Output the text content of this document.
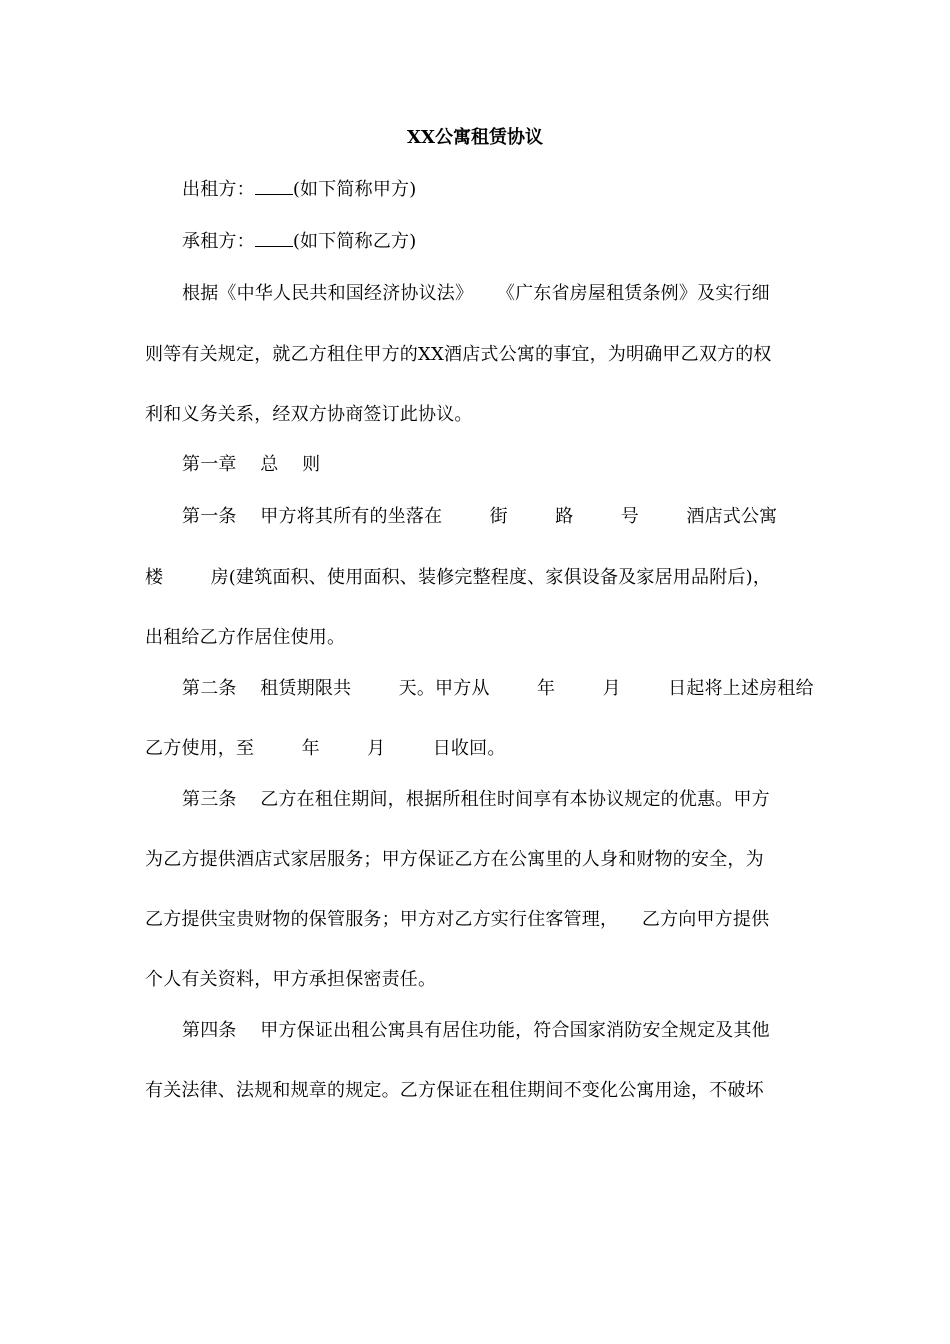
XX公寓租赁协议
出租方： (如下简称甲方)
承租方： (如下简称乙方)
根据《中华人民共和国经济协议法》    《广东省房屋租赁条例》及实行细
则等有关规定，就乙方租住甲方的XX酒店式公寓的事宜，为明确甲乙双方的权
利和义务关系，经双方协商签订此协议。
第一章    总    则
第一条    甲方将其所有的坐落在        街        路        号        酒店式公寓
楼        房(建筑面积、使用面积、装修完整程度、家俱设备及家居用品附后)，
出租给乙方作居住使用。
第二条    租赁期限共        天。甲方从        年        月        日起将上述房租给
乙方使用，至        年        月        日收回。
第三条    乙方在租住期间，根据所租住时间享有本协议规定的优惠。甲方
为乙方提供酒店式家居服务；甲方保证乙方在公寓里的人身和财物的安全，为
乙方提供宝贵财物的保管服务；甲方对乙方实行住客管理，    乙方向甲方提供
个人有关资料，甲方承担保密责任。
第四条    甲方保证出租公寓具有居住功能，符合国家消防安全规定及其他
有关法律、法规和规章的规定。乙方保证在租住期间不变化公寓用途，不破坏
